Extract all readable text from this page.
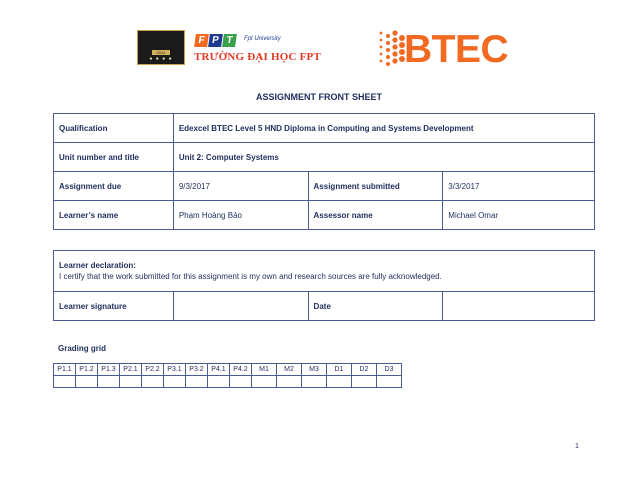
2012
● ● ● ●
F P T	Fpt University
TRƯỜNG ĐẠI HỌC FPT BTEC
ASSIGNMENT FRONT SHEET
Qualification	Edexcel BTEC Level 5 HND Diploma in Computing and Systems Development		
Unit number and title	Unit 2: Computer Systems		
Assignment due	9/3/2017	Assignment submitted	3/3/2017
Learner’s name	Phạm Hoàng Bảo	Assessor name	Michael Omar
Learner declaration:
I certify that the work submitted for this assignment is my own and research sources are fully acknowledged.
Learner signature		Date	
Grading grid
P1.1	P1.2	P1.3	P2.1	P2.2	P3.1	P3.2	P4.1	P4.2	M1	M2	M3	D1	D2	D3

1
